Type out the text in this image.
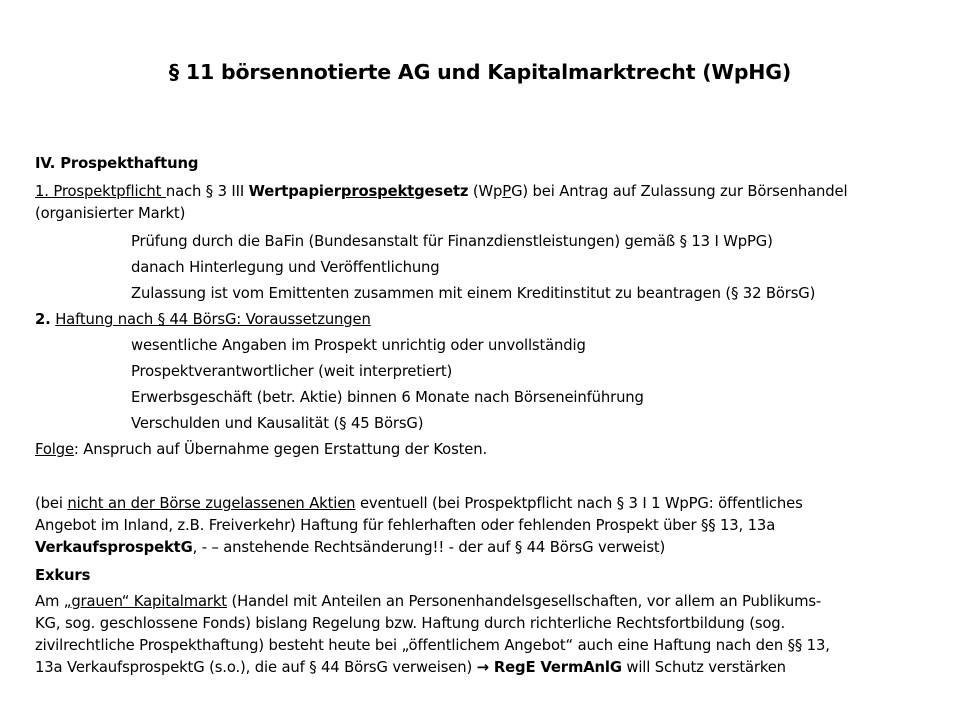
§ 11 börsennotierte AG und Kapitalmarktrecht (WpHG)
IV. Prospekthaftung
1. Prospektpflicht nach § 3 III Wertpapierprospektgesetz (WpPG) bei Antrag auf Zulassung zur Börsenhandel
(organisierter Markt)
Prüfung durch die BaFin (Bundesanstalt für Finanzdienstleistungen) gemäß § 13 I WpPG)
danach Hinterlegung und Veröffentlichung
Zulassung ist vom Emittenten zusammen mit einem Kreditinstitut zu beantragen (§ 32 BörsG)
2. Haftung nach § 44 BörsG: Voraussetzungen
wesentliche Angaben im Prospekt unrichtig oder unvollständig
Prospektverantwortlicher (weit interpretiert)
Erwerbsgeschäft (betr. Aktie) binnen 6 Monate nach Börseneinführung
Verschulden und Kausalität (§ 45 BörsG)
Folge: Anspruch auf Übernahme gegen Erstattung der Kosten.
(bei nicht an der Börse zugelassenen Aktien eventuell (bei Prospektpflicht nach § 3 I 1 WpPG: öffentliches
Angebot im Inland, z.B. Freiverkehr) Haftung für fehlerhaften oder fehlenden Prospekt über §§ 13, 13a
VerkaufsprospektG, - – anstehende Rechtsänderung!! - der auf § 44 BörsG verweist)
Exkurs
Am „grauen“ Kapitalmarkt (Handel mit Anteilen an Personenhandelsgesellschaften, vor allem an Publikums-
KG, sog. geschlossene Fonds) bislang Regelung bzw. Haftung durch richterliche Rechtsfortbildung (sog.
zivilrechtliche Prospekthaftung) besteht heute bei „öffentlichem Angebot“ auch eine Haftung nach den §§ 13,
13a VerkaufsprospektG (s.o.), die auf § 44 BörsG verweisen) → RegE VermAnlG will Schutz verstärken
